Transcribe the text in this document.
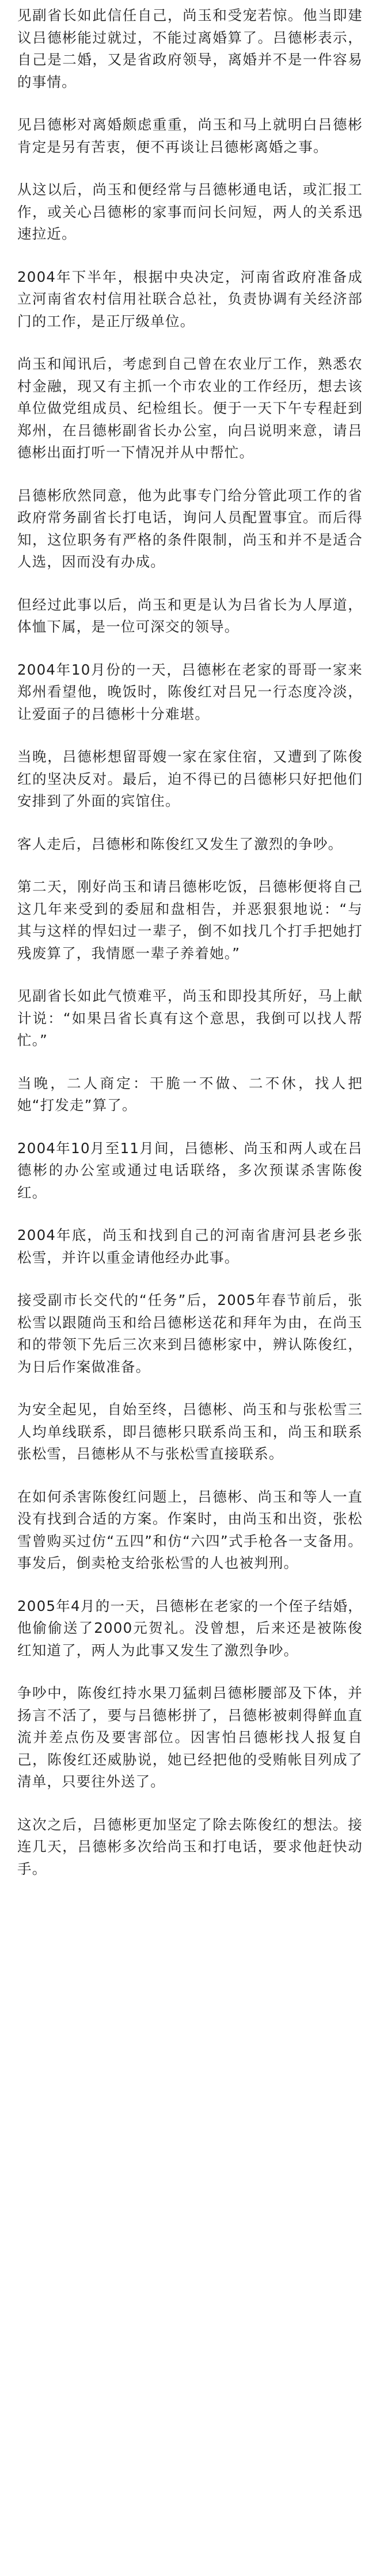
见副省长如此信任自己，尚玉和受宠若惊。他当即建议吕德彬能过就过，不能过离婚算了。吕德彬表示，自己是二婚，又是省政府领导，离婚并不是一件容易的事情。

见吕德彬对离婚颇虑重重，尚玉和马上就明白吕德彬肯定是另有苦衷，便不再谈让吕德彬离婚之事。

从这以后，尚玉和便经常与吕德彬通电话，或汇报工作，或关心吕德彬的家事而问长问短，两人的关系迅速拉近。

2004年下半年，根据中央决定，河南省政府准备成立河南省农村信用社联合总社，负责协调有关经济部门的工作，是正厅级单位。

尚玉和闻讯后，考虑到自己曾在农业厅工作，熟悉农村金融，现又有主抓一个市农业的工作经历，想去该单位做党组成员、纪检组长。便于一天下午专程赶到郑州，在吕德彬副省长办公室，向吕说明来意，请吕德彬出面打听一下情况并从中帮忙。

吕德彬欣然同意，他为此事专门给分管此项工作的省政府常务副省长打电话，询问人员配置事宜。而后得知，这位职务有严格的条件限制，尚玉和并不是适合人选，因而没有办成。

但经过此事以后，尚玉和更是认为吕省长为人厚道，体恤下属，是一位可深交的领导。

2004年10月份的一天，吕德彬在老家的哥哥一家来郑州看望他，晚饭时，陈俊红对吕兄一行态度冷淡，让爱面子的吕德彬十分难堪。

当晚，吕德彬想留哥嫂一家在家住宿，又遭到了陈俊红的坚决反对。最后，迫不得已的吕德彬只好把他们安排到了外面的宾馆住。

客人走后，吕德彬和陈俊红又发生了激烈的争吵。

第二天，刚好尚玉和请吕德彬吃饭，吕德彬便将自己这几年来受到的委屈和盘相告，并恶狠狠地说：“与其与这样的悍妇过一辈子，倒不如找几个打手把她打残废算了，我情愿一辈子养着她。”

见副省长如此气愤难平，尚玉和即投其所好，马上献计说：“如果吕省长真有这个意思，我倒可以找人帮忙。”

当晚，二人商定：干脆一不做、二不休，找人把她“打发走”算了。

2004年10月至11月间，吕德彬、尚玉和两人或在吕德彬的办公室或通过电话联络，多次预谋杀害陈俊红。

2004年底，尚玉和找到自己的河南省唐河县老乡张松雪，并许以重金请他经办此事。

接受副市长交代的“任务”后，2005年春节前后，张松雪以跟随尚玉和给吕德彬送花和拜年为由，在尚玉和的带领下先后三次来到吕德彬家中，辨认陈俊红，为日后作案做准备。

为安全起见，自始至终，吕德彬、尚玉和与张松雪三人均单线联系，即吕德彬只联系尚玉和，尚玉和联系张松雪，吕德彬从不与张松雪直接联系。

在如何杀害陈俊红问题上，吕德彬、尚玉和等人一直没有找到合适的方案。作案时，由尚玉和出资，张松雪曾购买过仿“五四”和仿“六四”式手枪各一支备用。事发后，倒卖枪支给张松雪的人也被判刑。

2005年4月的一天，吕德彬在老家的一个侄子结婚，他偷偷送了2000元贺礼。没曾想，后来还是被陈俊红知道了，两人为此事又发生了激烈争吵。

争吵中，陈俊红持水果刀猛刺吕德彬腰部及下体，并扬言不活了，要与吕德彬拼了，吕德彬被刺得鲜血直流并差点伤及要害部位。因害怕吕德彬找人报复自己，陈俊红还威胁说，她已经把他的受贿帐目列成了清单，只要往外送了。

这次之后，吕德彬更加坚定了除去陈俊红的想法。接连几天，吕德彬多次给尚玉和打电话，要求他赶快动手。
